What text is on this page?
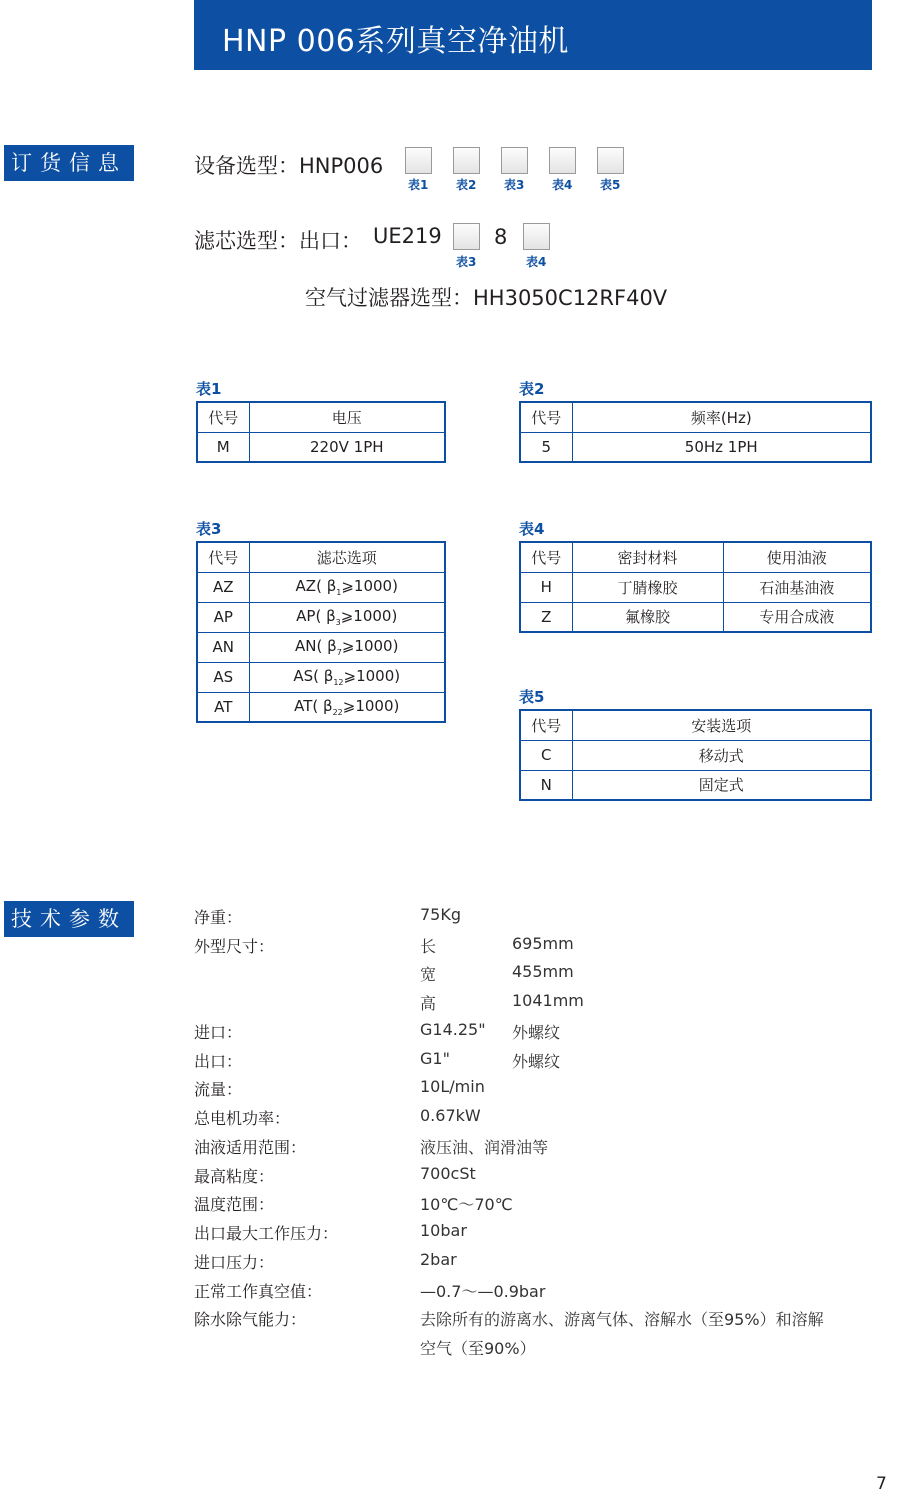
HNP 006系列真空净油机
订货信息
技术参数
设备选型：HNP006
表1 表2 表3 表4 表5
滤芯选型：出口： UE219
表3
8
表4
空气过滤器选型：HH3050C12RF40V
表1
代号	电压
M	220V 1PH
表2
代号	频率(Hz)
5	50Hz 1PH
表3
代号	滤芯选项
AZ	AZ( $\beta_1⩾1000$)
AP	AP( $\beta_3⩾1000$)
AN	AN( $\beta_7⩾1000$)
AS	AS( $\beta_{12}⩾1000$)
AT	AT( $\beta_{22}⩾1000$)
表4
代号	密封材料	使用油液
H	丁腈橡胶	石油基油液
Z	氟橡胶	专用合成液
表5
代号	安装选项
C	移动式
N	固定式
净重：	75Kg
外型尺寸：	长	695mm
宽	455mm
高	1041mm
进口：	G14.25" 外螺纹
出口：	G1"	外螺纹
流量：	10L/min
总电机功率：	0.67kW
油液适用范围：	液压油、润滑油等
最高粘度：	700cSt
温度范围：	10℃～70℃
出口最大工作压力：	10bar
进口压力：	2bar
正常工作真空值：	—0.7～—0.9bar
除水除气能力：	去除所有的游离水、游离气体、溶解水（至95%）和溶解
空气（至90%）
7
